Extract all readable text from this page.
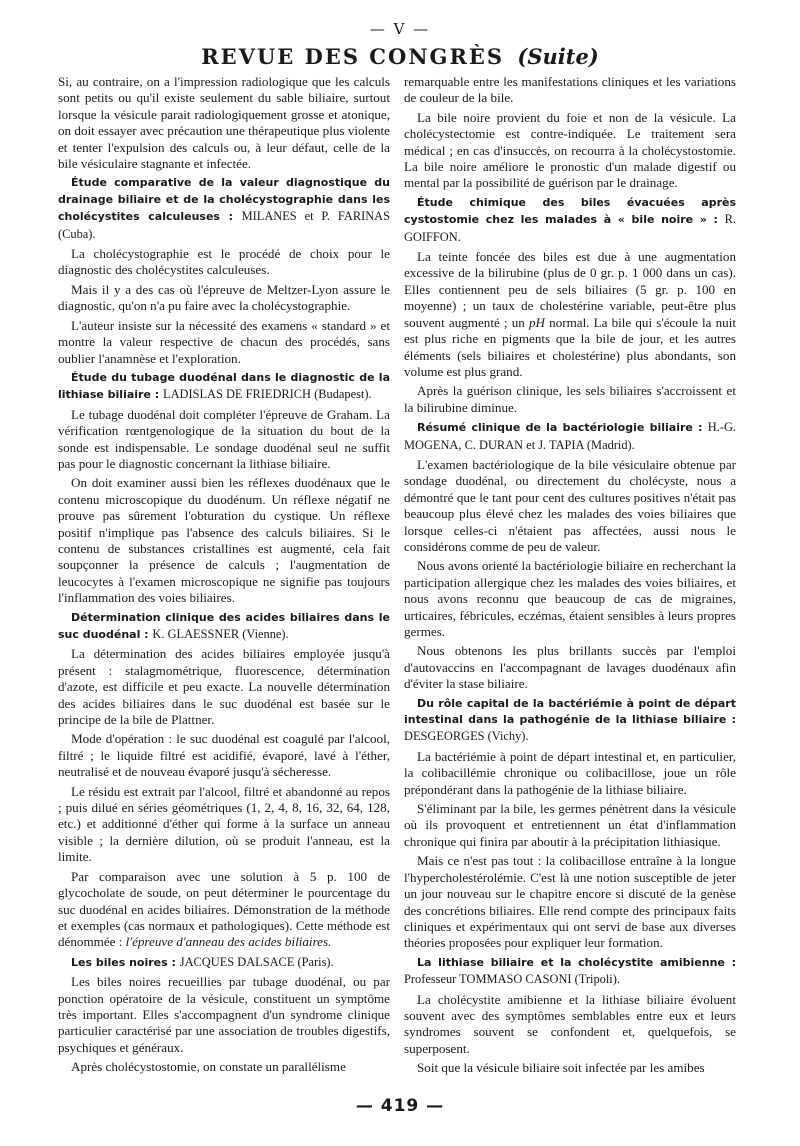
— V —
REVUE DES CONGRÈS (Suite)

Si, au contraire, on a l'impression radiologique que les calculs sont petits ou qu'il existe seulement du sable biliaire, surtout lorsque la vésicule parait radiologiquement grosse et atonique, on doit essayer avec précaution une thérapeutique plus violente et tenter l'expulsion des calculs ou, à leur défaut, celle de la bile vésiculaire stagnante et infectée.

Étude comparative de la valeur diagnostique du drainage biliaire et de la cholécystographie dans les cholécystites calculeuses : MILANES et P. FARINAS (Cuba).

La cholécystographie est le procédé de choix pour le diagnostic des cholécystites calculeuses.

Mais il y a des cas où l'épreuve de Meltzer-Lyon assure le diagnostic, qu'on n'a pu faire avec la cholécystographie.

L'auteur insiste sur la nécessité des examens « standard » et montre la valeur respective de chacun des procédés, sans oublier l'anamnèse et l'exploration.

Étude du tubage duodénal dans le diagnostic de la lithiase biliaire : LADISLAS DE FRIEDRICH (Budapest).

Le tubage duodénal doit compléter l'épreuve de Graham. La vérification rœntgenologique de la situation du bout de la sonde est indispensable. Le sondage duodénal seul ne suffit pas pour le diagnostic concernant la lithiase biliaire.

On doit examiner aussi bien les réflexes duodénaux que le contenu microscopique du duodénum. Un réflexe négatif ne prouve pas sûrement l'obturation du cystique. Un réflexe positif n'implique pas l'absence des calculs biliaires. Si le contenu de substances cristallines est augmenté, cela fait soupçonner la présence de calculs ; l'augmentation de leucocytes à l'examen microscopique ne signifie pas toujours l'inflammation des voies biliaires.

Détermination clinique des acides biliaires dans le suc duodénal : K. GLAESSNER (Vienne).

La détermination des acides biliaires employée jusqu'à présent : stalagmométrique, fluorescence, détermination d'azote, est difficile et peu exacte. La nouvelle détermination des acides biliaires dans le suc duodénal est basée sur le principe de la bile de Plattner.

Mode d'opération : le suc duodénal est coagulé par l'alcool, filtré ; le liquide filtré est acidifié, évaporé, lavé à l'éther, neutralisé et de nouveau évaporé jusqu'à sécheresse.

Le résidu est extrait par l'alcool, filtré et abandonné au repos ; puis dilué en séries géométriques (1, 2, 4, 8, 16, 32, 64, 128, etc.) et additionné d'éther qui forme à la surface un anneau visible ; la dernière dilution, où se produit l'anneau, est la limite.

Par comparaison avec une solution à 5 p. 100 de glycocholate de soude, on peut déterminer le pourcentage du suc duodénal en acides biliaires. Démonstration de la méthode et exemples (cas normaux et pathologiques). Cette méthode est dénommée : l'épreuve d'anneau des acides biliaires.

Les biles noires : JACQUES DALSACE (Paris).

Les biles noires recueillies par tubage duodénal, ou par ponction opératoire de la vésicule, constituent un symptôme très important. Elles s'accompagnent d'un syndrome clinique particulier caractérisé par une association de troubles digestifs, psychiques et généraux.

Après cholécystostomie, on constate un parallélisme

remarquable entre les manifestations cliniques et les variations de couleur de la bile.

La bile noire provient du foie et non de la vésicule. La cholécystectomie est contre-indiquée. Le traitement sera médical ; en cas d'insuccès, on recourra à la cholécystostomie. La bile noire améliore le pronostic d'un malade digestif ou mental par la possibilité de guérison par le drainage.

Étude chimique des biles évacuées après cystostomie chez les malades à « bile noire » : R. GOIFFON.

La teinte foncée des biles est due à une augmentation excessive de la bilirubine (plus de 0 gr. p. 1 000 dans un cas). Elles contiennent peu de sels biliaires (5 gr. p. 100 en moyenne) ; un taux de cholestérine variable, peut-être plus souvent augmenté ; un pH normal. La bile qui s'écoule la nuit est plus riche en pigments que la bile de jour, et les autres éléments (sels biliaires et cholestérine) plus abondants, son volume est plus grand.

Après la guérison clinique, les sels biliaires s'accroissent et la bilirubine diminue.

Résumé clinique de la bactériologie biliaire : H.-G. MOGENA, C. DURAN et J. TAPIA (Madrid).

L'examen bactériologique de la bile vésiculaire obtenue par sondage duodénal, ou directement du cholécyste, nous a démontré que le tant pour cent des cultures positives n'était pas beaucoup plus élevé chez les malades des voies biliaires que lorsque celles-ci n'étaient pas affectées, aussi nous le considérons comme de peu de valeur.

Nous avons orienté la bactériologie biliaire en recherchant la participation allergique chez les malades des voies biliaires, et nous avons reconnu que beaucoup de cas de migraines, urticaires, fébricules, eczémas, étaient sensibles à leurs propres germes.

Nous obtenons les plus brillants succès par l'emploi d'autovaccins en l'accompagnant de lavages duodénaux afin d'éviter la stase biliaire.

Du rôle capital de la bactériémie à point de départ intestinal dans la pathogénie de la lithiase biliaire : DESGEORGES (Vichy).

La bactériémie à point de départ intestinal et, en particulier, la colibacillémie chronique ou colibacillose, joue un rôle prépondérant dans la pathogénie de la lithiase biliaire.

S'éliminant par la bile, les germes pénètrent dans la vésicule où ils provoquent et entretiennent un état d'inflammation chronique qui finira par aboutir à la précipitation lithiasique.

Mais ce n'est pas tout : la colibacillose entraîne à la longue l'hypercholestérolémie. C'est là une notion susceptible de jeter un jour nouveau sur le chapitre encore si discuté de la genèse des concrétions biliaires. Elle rend compte des principaux faits cliniques et expérimentaux qui ont servi de base aux diverses théories proposées pour expliquer leur formation.

La lithiase biliaire et la cholécystite amibienne : Professeur TOMMASO CASONI (Tripoli).

La cholécystite amibienne et la lithiase biliaire évoluent souvent avec des symptômes semblables entre eux et leurs syndromes souvent se confondent et, quelquefois, se superposent.

Soit que la vésicule biliaire soit infectée par les amibes

— 419 —
